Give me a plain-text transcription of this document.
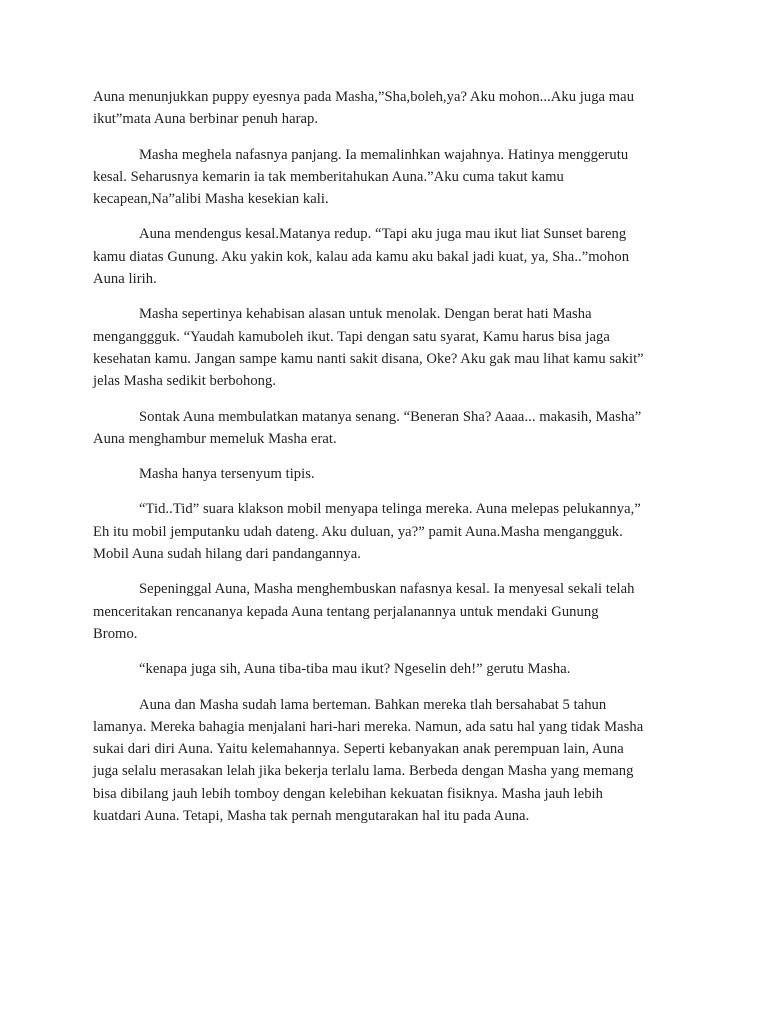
Auna menunjukkan puppy eyesnya pada Masha,”Sha,boleh,ya? Aku mohon...Aku juga mau
ikut”mata Auna berbinar penuh harap.

Masha meghela nafasnya panjang. Ia memalinhkan wajahnya. Hatinya menggerutu
kesal. Seharusnya kemarin ia tak memberitahukan Auna.”Aku cuma takut kamu
kecapean,Na”alibi Masha kesekian kali.

Auna mendengus kesal.Matanya redup. “Tapi aku juga mau ikut liat Sunset bareng
kamu diatas Gunung. Aku yakin kok, kalau ada kamu aku bakal jadi kuat, ya, Sha..”mohon
Auna lirih.

Masha sepertinya kehabisan alasan untuk menolak. Dengan berat hati Masha
menganggguk. “Yaudah kamuboleh ikut. Tapi dengan satu syarat, Kamu harus bisa jaga
kesehatan kamu. Jangan sampe kamu nanti sakit disana, Oke? Aku gak mau lihat kamu sakit”
jelas Masha sedikit berbohong.

Sontak Auna membulatkan matanya senang. “Beneran Sha? Aaaa... makasih, Masha”
Auna menghambur memeluk Masha erat.

Masha hanya tersenyum tipis.

“Tid..Tid” suara klakson mobil menyapa telinga mereka. Auna melepas pelukannya,”
Eh itu mobil jemputanku udah dateng. Aku duluan, ya?” pamit Auna.Masha mengangguk.
Mobil Auna sudah hilang dari pandangannya.

Sepeninggal Auna, Masha menghembuskan nafasnya kesal. Ia menyesal sekali telah
menceritakan rencananya kepada Auna tentang perjalanannya untuk mendaki Gunung
Bromo.

“kenapa juga sih, Auna tiba-tiba mau ikut? Ngeselin deh!” gerutu Masha.

Auna dan Masha sudah lama berteman. Bahkan mereka tlah bersahabat 5 tahun
lamanya. Mereka bahagia menjalani hari-hari mereka. Namun, ada satu hal yang tidak Masha
sukai dari diri Auna. Yaitu kelemahannya. Seperti kebanyakan anak perempuan lain, Auna
juga selalu merasakan lelah jika bekerja terlalu lama. Berbeda dengan Masha yang memang
bisa dibilang jauh lebih tomboy dengan kelebihan kekuatan fisiknya. Masha jauh lebih
kuatdari Auna. Tetapi, Masha tak pernah mengutarakan hal itu pada Auna.
